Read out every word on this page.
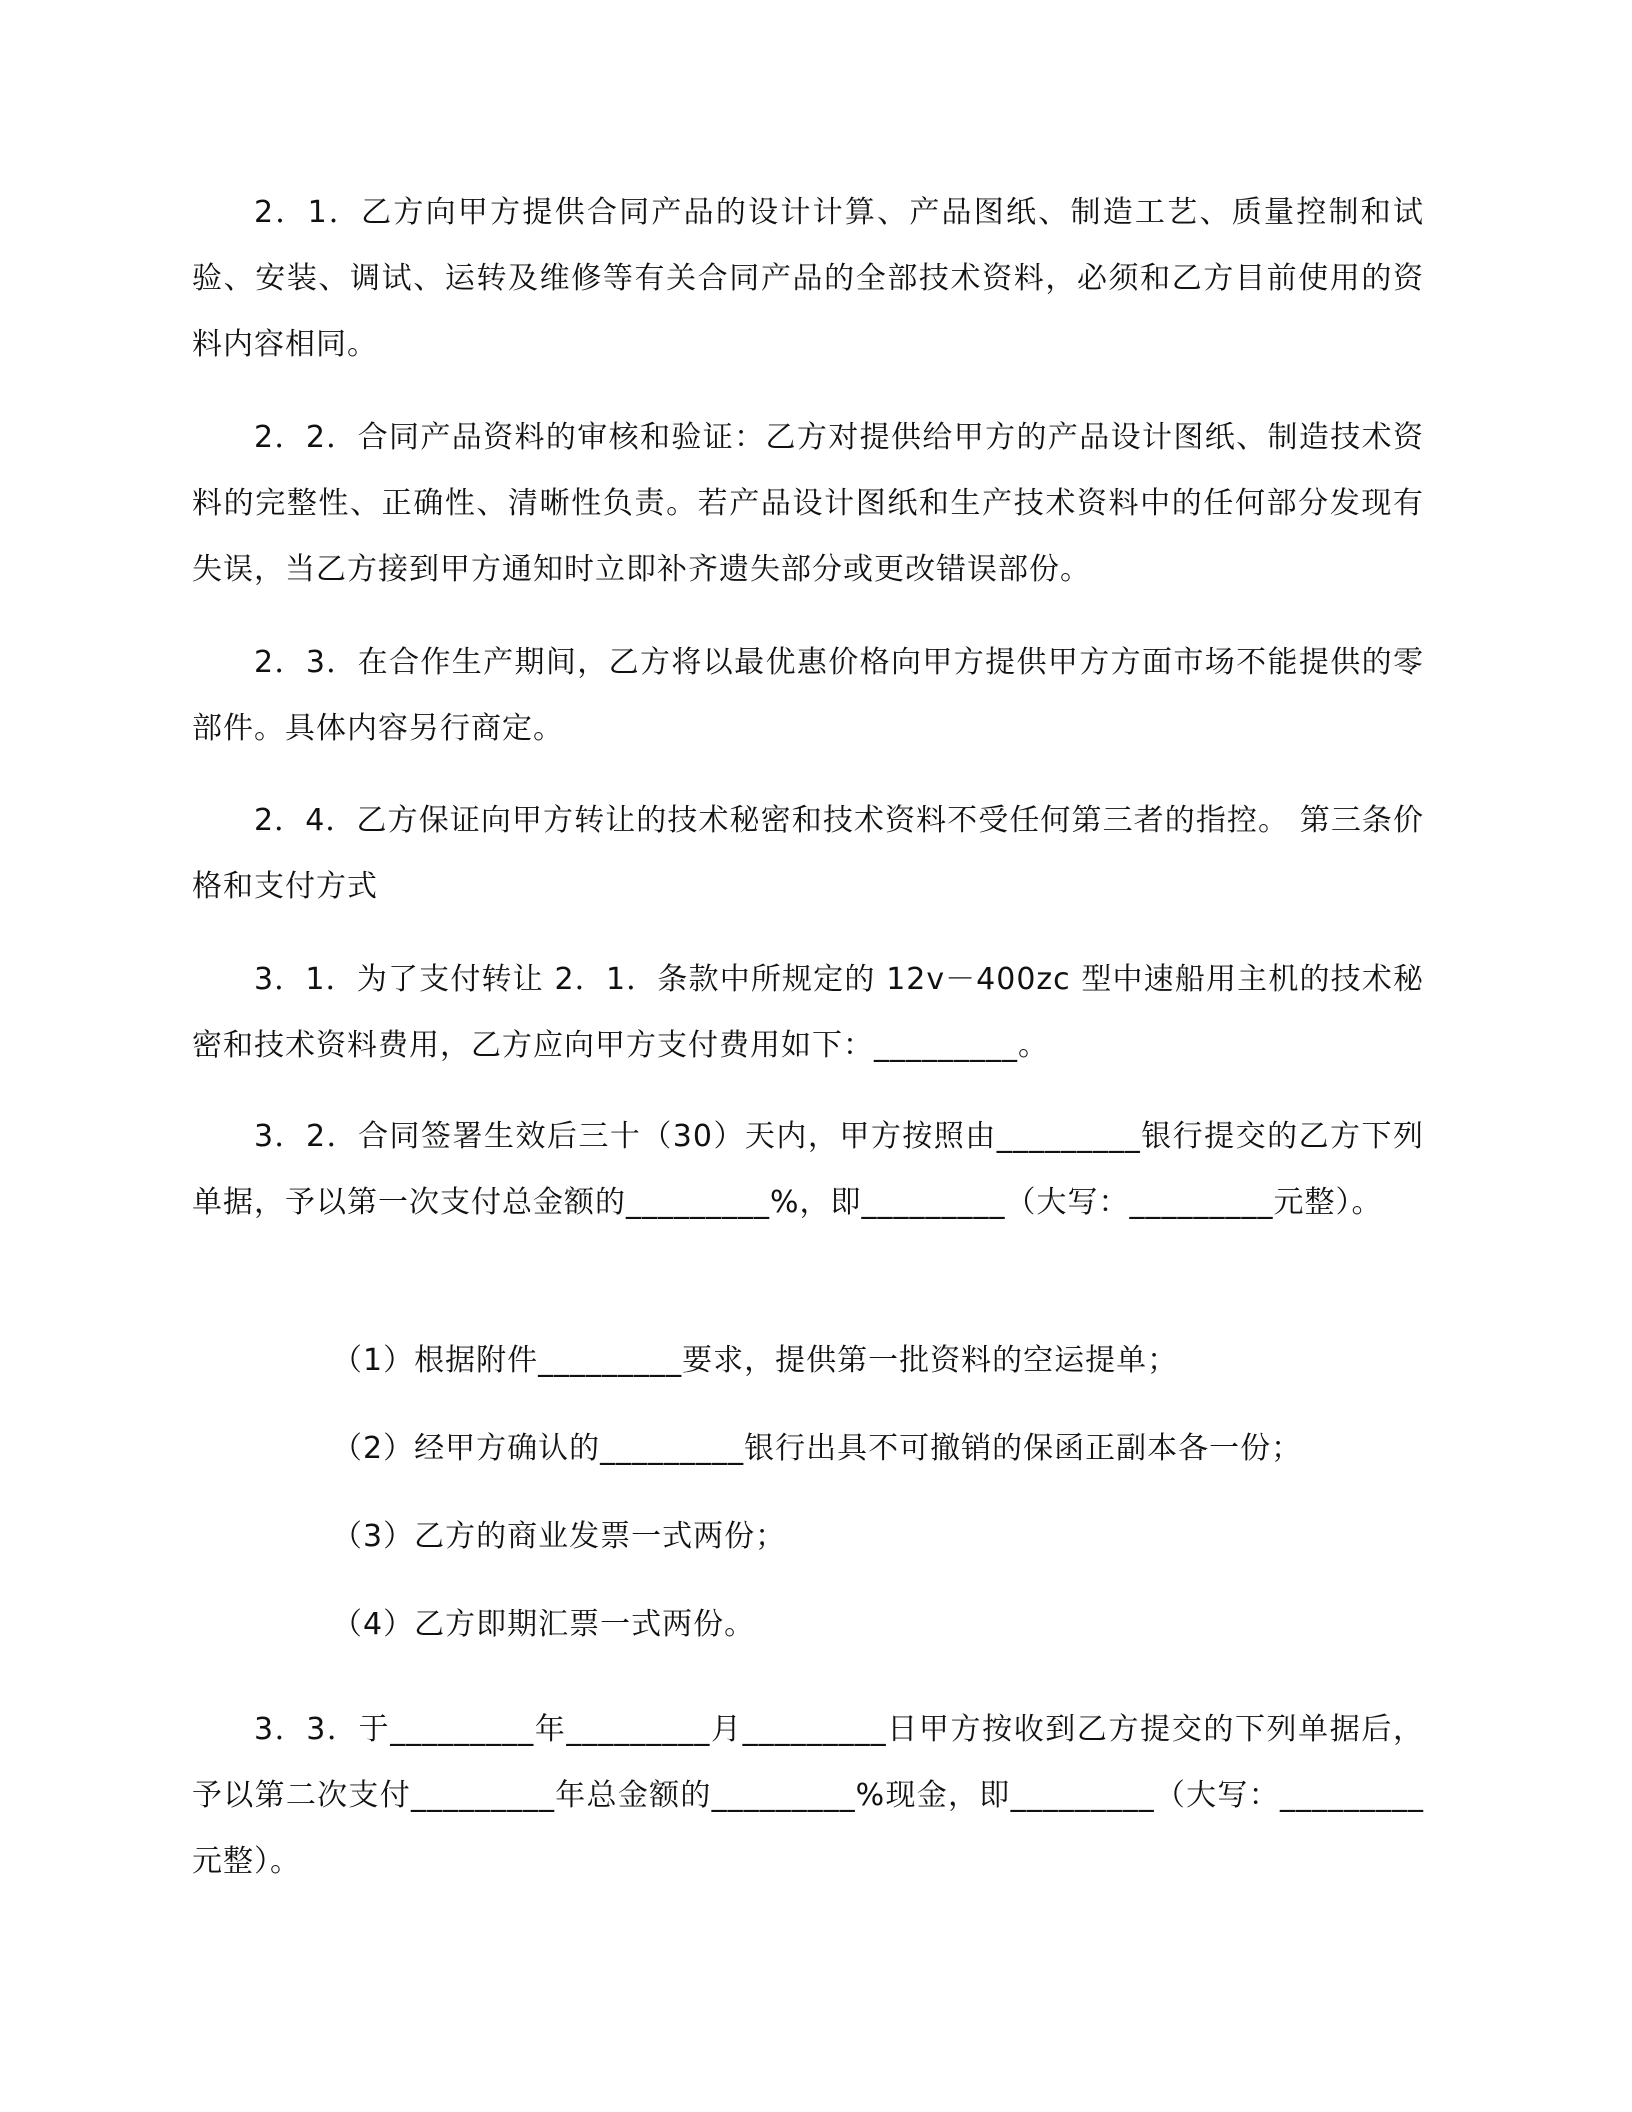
2．1．乙方向甲方提供合同产品的设计计算、产品图纸、制造工艺、质量控制和试验、安装、调试、运转及维修等有关合同产品的全部技术资料，必须和乙方目前使用的资料内容相同。

2．2．合同产品资料的审核和验证：乙方对提供给甲方的产品设计图纸、制造技术资料的完整性、正确性、清晰性负责。若产品设计图纸和生产技术资料中的任何部分发现有失误，当乙方接到甲方通知时立即补齐遗失部分或更改错误部份。

2．3．在合作生产期间，乙方将以最优惠价格向甲方提供甲方方面市场不能提供的零部件。具体内容另行商定。

2．4．乙方保证向甲方转让的技术秘密和技术资料不受任何第三者的指控。 第三条价格和支付方式

3．1．为了支付转让 2．1．条款中所规定的 12v－400zc 型中速船用主机的技术秘密和技术资料费用，乙方应向甲方支付费用如下：_________。

3．2．合同签署生效后三十（30）天内，甲方按照由_________银行提交的乙方下列单据，予以第一次支付总金额的_________%，即_________（大写：_________元整）。

（1）根据附件_________要求，提供第一批资料的空运提单；
（2）经甲方确认的_________银行出具不可撤销的保函正副本各一份；
（3）乙方的商业发票一式两份；
（4）乙方即期汇票一式两份。

3．3．于_________年_________月_________日甲方按收到乙方提交的下列单据后，予以第二次支付_________年总金额的_________%现金，即_________（大写：_________元整）。
